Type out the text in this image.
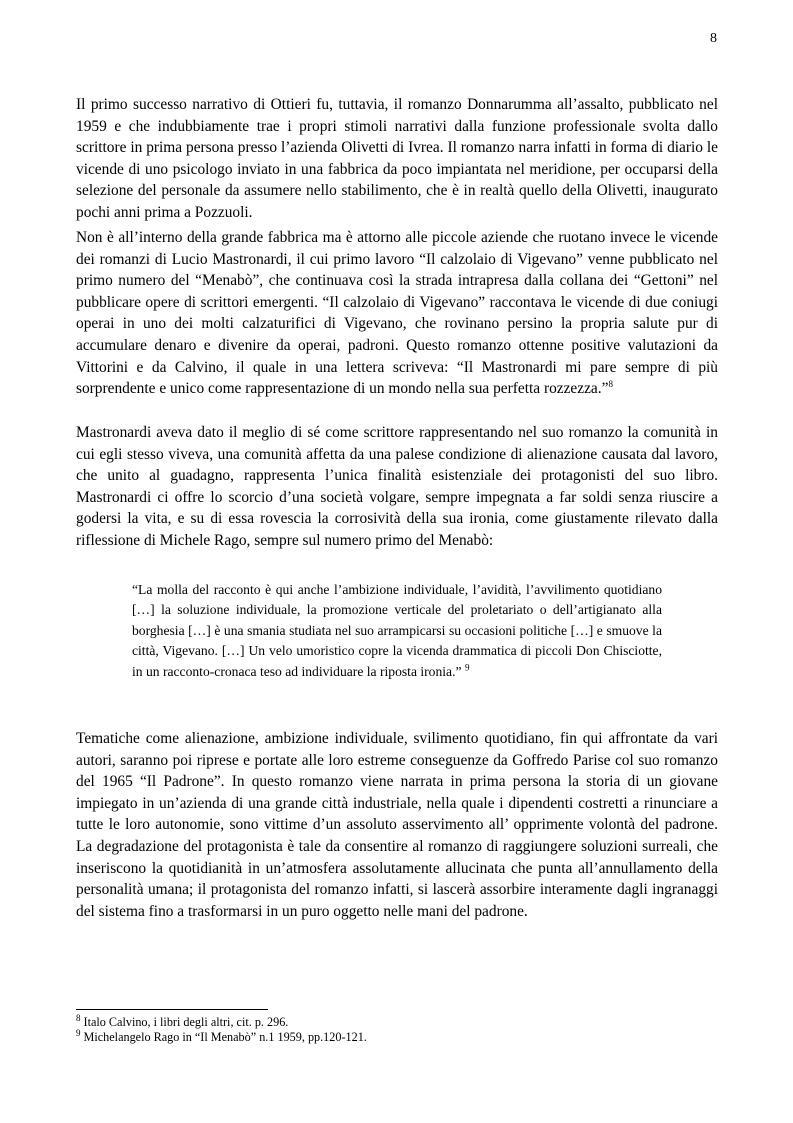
8

Il primo successo narrativo di Ottieri fu, tuttavia, il romanzo Donnarumma all’assalto, pubblicato nel 1959 e che indubbiamente trae i propri stimoli narrativi dalla funzione professionale svolta dallo scrittore in prima persona presso l’azienda Olivetti di Ivrea. Il romanzo narra infatti in forma di diario le vicende di uno psicologo inviato in una fabbrica da poco impiantata nel meridione, per occuparsi della selezione del personale da assumere nello stabilimento, che è in realtà quello della Olivetti, inaugurato pochi anni prima a Pozzuoli.

Non è all’interno della grande fabbrica ma è attorno alle piccole aziende che ruotano invece le vicende dei romanzi di Lucio Mastronardi, il cui primo lavoro “Il calzolaio di Vigevano” venne pubblicato nel primo numero del “Menabò”, che continuava così la strada intrapresa dalla collana dei “Gettoni” nel pubblicare opere di scrittori emergenti. “Il calzolaio di Vigevano” raccontava le vicende di due coniugi operai in uno dei molti calzaturifici di Vigevano, che rovinano persino la propria salute pur di accumulare denaro e divenire da operai, padroni. Questo romanzo ottenne positive valutazioni da Vittorini e da Calvino, il quale in una lettera scriveva: “Il Mastronardi mi pare sempre di più sorprendente e unico come rappresentazione di un mondo nella sua perfetta rozzezza.”$^8$

Mastronardi aveva dato il meglio di sé come scrittore rappresentando nel suo romanzo la comunità in cui egli stesso viveva, una comunità affetta da una palese condizione di alienazione causata dal lavoro, che unito al guadagno, rappresenta l’unica finalità esistenziale dei protagonisti del suo libro. Mastronardi ci offre lo scorcio d’una società volgare, sempre impegnata a far soldi senza riuscire a godersi la vita, e su di essa rovescia la corrosività della sua ironia, come giustamente rilevato dalla riflessione di Michele Rago, sempre sul numero primo del Menabò:

“La molla del racconto è qui anche l’ambizione individuale, l’avidità, l’avvilimento quotidiano […] la soluzione individuale, la promozione verticale del proletariato o dell’artigianato alla borghesia […] è una smania studiata nel suo arrampicarsi su occasioni politiche […] e smuove la città, Vigevano. […] Un velo umoristico copre la vicenda drammatica di piccoli Don Chisciotte, in un racconto-cronaca teso ad individuare la riposta ironia.” $^9$

Tematiche come alienazione, ambizione individuale, svilimento quotidiano, fin qui affrontate da vari autori, saranno poi riprese e portate alle loro estreme conseguenze da Goffredo Parise col suo romanzo del 1965 “Il Padrone”. In questo romanzo viene narrata in prima persona la storia di un giovane impiegato in un’azienda di una grande città industriale, nella quale i dipendenti costretti a rinunciare a tutte le loro autonomie, sono vittime d’un assoluto asservimento all’ opprimente volontà del padrone. La degradazione del protagonista è tale da consentire al romanzo di raggiungere soluzioni surreali, che inseriscono la quotidianità in un’atmosfera assolutamente allucinata che punta all’annullamento della personalità umana; il protagonista del romanzo infatti, si lascerà assorbire interamente dagli ingranaggi del sistema fino a trasformarsi in un puro oggetto nelle mani del padrone.

$^8$ Italo Calvino, i libri degli altri, cit. p. 296.

$^9$ Michelangelo Rago in “Il Menabò” n.1 1959, pp.120-121.
